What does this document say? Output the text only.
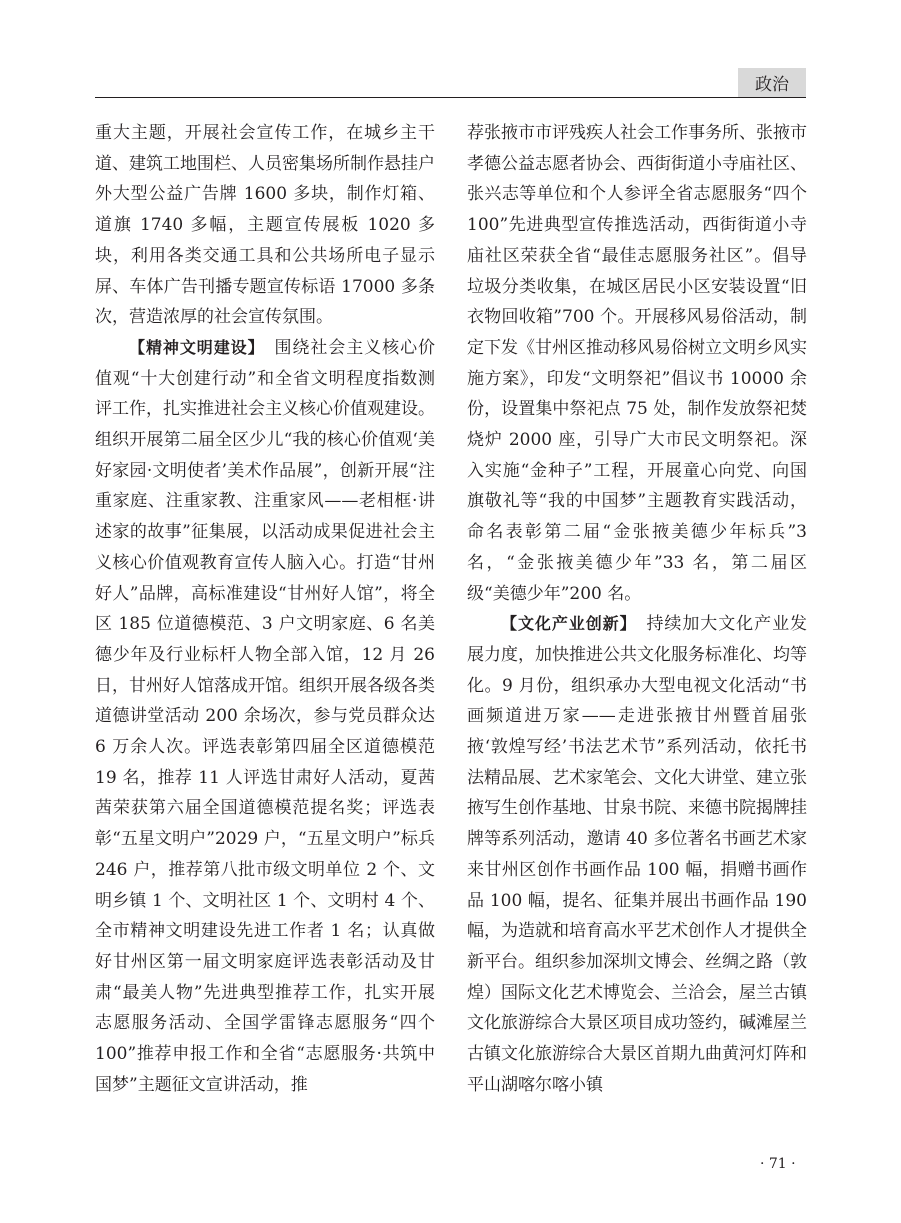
政治

重大主题，开展社会宣传工作，在城乡主干道、建筑工地围栏、人员密集场所制作悬挂户外大型公益广告牌 1600 多块，制作灯箱、道旗 1740 多幅，主题宣传展板 1020 多块，利用各类交通工具和公共场所电子显示屏、车体广告刊播专题宣传标语 17000 多条次，营造浓厚的社会宣传氛围。

【精神文明建设】　 围绕社会主义核心价值观“十大创建行动”和全省文明程度指数测评工作，扎实推进社会主义核心价值观建设。组织开展第二届全区少儿“我的核心价值观‘美好家园·文明使者’美术作品展”，创新开展“注重家庭、注重家教、注重家风——老相框·讲述家的故事”征集展，以活动成果促进社会主义核心价值观教育宣传人脑入心。打造“甘州好人”品牌，高标准建设“甘州好人馆”，将全区 185 位道德模范、3 户文明家庭、6 名美德少年及行业标杆人物全部入馆，12 月 26 日，甘州好人馆落成开馆。组织开展各级各类道德讲堂活动 200 余场次，参与党员群众达 6 万余人次。评选表彰第四届全区道德模范 19 名，推荐 11 人评选甘肃好人活动，夏茜茜荣获第六届全国道德模范提名奖；评选表彰“五星文明户”2029 户，“五星文明户”标兵 246 户，推荐第八批市级文明单位 2 个、文明乡镇 1 个、文明社区 1 个、文明村 4 个、全市精神文明建设先进工作者 1 名；认真做好甘州区第一届文明家庭评选表彰活动及甘肃“最美人物”先进典型推荐工作，扎实开展志愿服务活动、全国学雷锋志愿服务“四个 100”推荐申报工作和全省“志愿服务·共筑中国梦”主题征文宣讲活动，推

荐张掖市市评残疾人社会工作事务所、张掖市孝德公益志愿者协会、西街街道小寺庙社区、张兴志等单位和个人参评全省志愿服务“四个 100”先进典型宣传推选活动，西街街道小寺庙社区荣获全省“最佳志愿服务社区”。倡导垃圾分类收集，在城区居民小区安装设置“旧衣物回收箱”700 个。开展移风易俗活动，制定下发《甘州区推动移风易俗树立文明乡风实施方案》，印发“文明祭祀”倡议书 10000 余份，设置集中祭祀点 75 处，制作发放祭祀焚烧炉 2000 座，引导广大市民文明祭祀。深入实施“金种子”工程，开展童心向党、向国旗敬礼等“我的中国梦”主题教育实践活动，命名表彰第二届“金张掖美德少年标兵”3 名，“金张掖美德少年”33 名，第二届区级“美德少年”200 名。

【文化产业创新】　 持续加大文化产业发展力度，加快推进公共文化服务标准化、均等化。9 月份，组织承办大型电视文化活动“书画频道进万家——走进张掖甘州暨首届张掖‘敦煌写经’书法艺术节”系列活动，依托书法精品展、艺术家笔会、文化大讲堂、建立张掖写生创作基地、甘泉书院、来德书院揭牌挂牌等系列活动，邀请 40 多位著名书画艺术家来甘州区创作书画作品 100 幅，捐赠书画作品 100 幅，提名、征集并展出书画作品 190 幅，为造就和培育高水平艺术创作人才提供全新平台。组织参加深圳文博会、丝绸之路（敦煌）国际文化艺术博览会、兰洽会，屋兰古镇文化旅游综合大景区项目成功签约，碱滩屋兰古镇文化旅游综合大景区首期九曲黄河灯阵和平山湖喀尔喀小镇

· 71 ·
